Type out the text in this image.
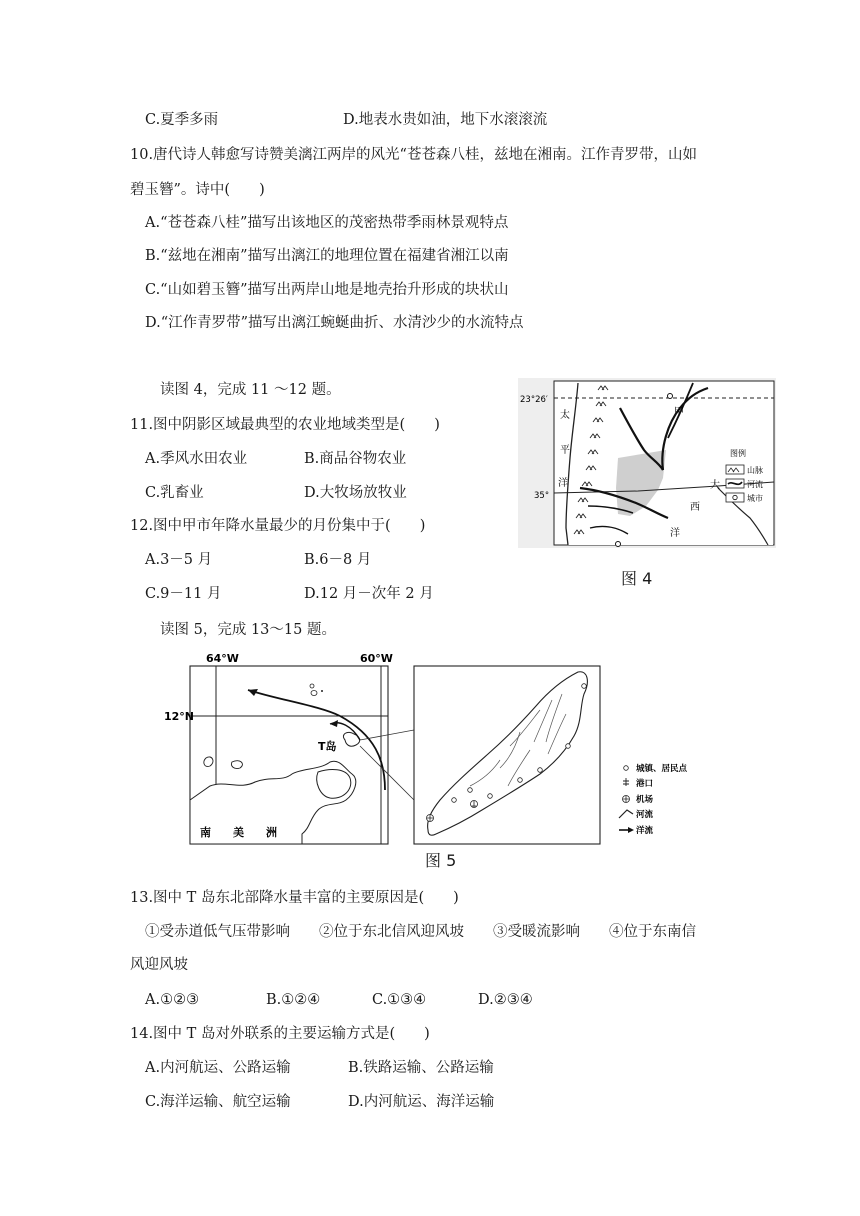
C.夏季多雨	D.地表水贵如油，地下水滚滚流
10.唐代诗人韩愈写诗赞美漓江两岸的风光“苍苍森八桂，兹地在湘南。江作青罗带，山如
碧玉簪”。诗中(　　)
A.“苍苍森八桂”描写出该地区的茂密热带季雨林景观特点
B.“兹地在湘南”描写出漓江的地理位置在福建省湘江以南
C.“山如碧玉簪”描写出两岸山地是地壳抬升形成的块状山
D.“江作青罗带”描写出漓江蜿蜒曲折、水清沙少的水流特点
读图 4，完成 11 ～12 题。
11.图中阴影区域最典型的农业地域类型是(　　)
A.季风水田农业	B.商品谷物农业
C.乳畜业	D.大牧场放牧业
12.图中甲市年降水量最少的月份集中于(　　)
A.3－5 月	B.6－8 月
C.9－11 月	D.12 月－次年 2 月
甲
23°26′
35°
太
平
洋	大
西
洋
图例
山脉
河流
城市
图 4
读图 5，完成 13～15 题。
64°W	60°W
12°N
T岛
南　　美　　洲
城镇、居民点
港口
机场
河流
洋流
图 5
13.图中 T 岛东北部降水量丰富的主要原因是(　　)
①受赤道低气压带影响　　②位于东北信风迎风坡　　③受暖流影响　　④位于东南信
风迎风坡
A.①②③	B.①②④	C.①③④	D.②③④
14.图中 T 岛对外联系的主要运输方式是(　　)
A.内河航运、公路运输	B.铁路运输、公路运输
C.海洋运输、航空运输	D.内河航运、海洋运输
